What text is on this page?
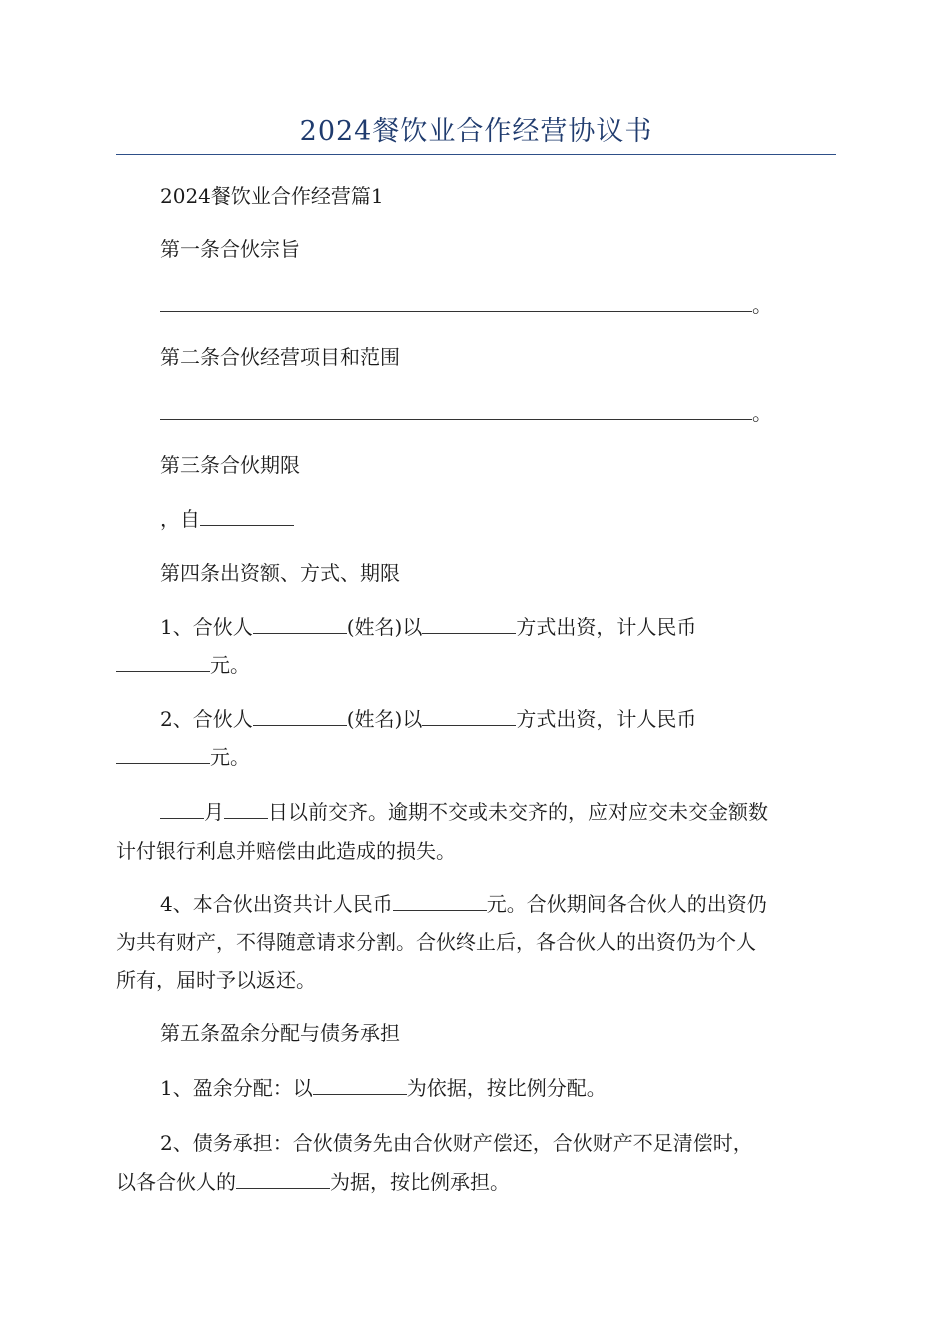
2024餐饮业合作经营协议书
2024餐饮业合作经营篇1
第一条合伙宗旨
。
第二条合伙经营项目和范围
。
第三条合伙期限
，自
第四条出资额、方式、期限
1、合伙人	(姓名)以	方式出资，计人民币
元。
2、合伙人	(姓名)以	方式出资，计人民币
元。
月 日以前交齐。逾期不交或未交齐的，应对应交未交金额数
计付银行利息并赔偿由此造成的损失。
4、本合伙出资共计人民币	元。合伙期间各合伙人的出资仍
为共有财产，不得随意请求分割。合伙终止后，各合伙人的出资仍为个人
所有，届时予以返还。
第五条盈余分配与债务承担
1、盈余分配：以	为依据，按比例分配。
2、债务承担：合伙债务先由合伙财产偿还，合伙财产不足清偿时，
以各合伙人的	为据，按比例承担。
